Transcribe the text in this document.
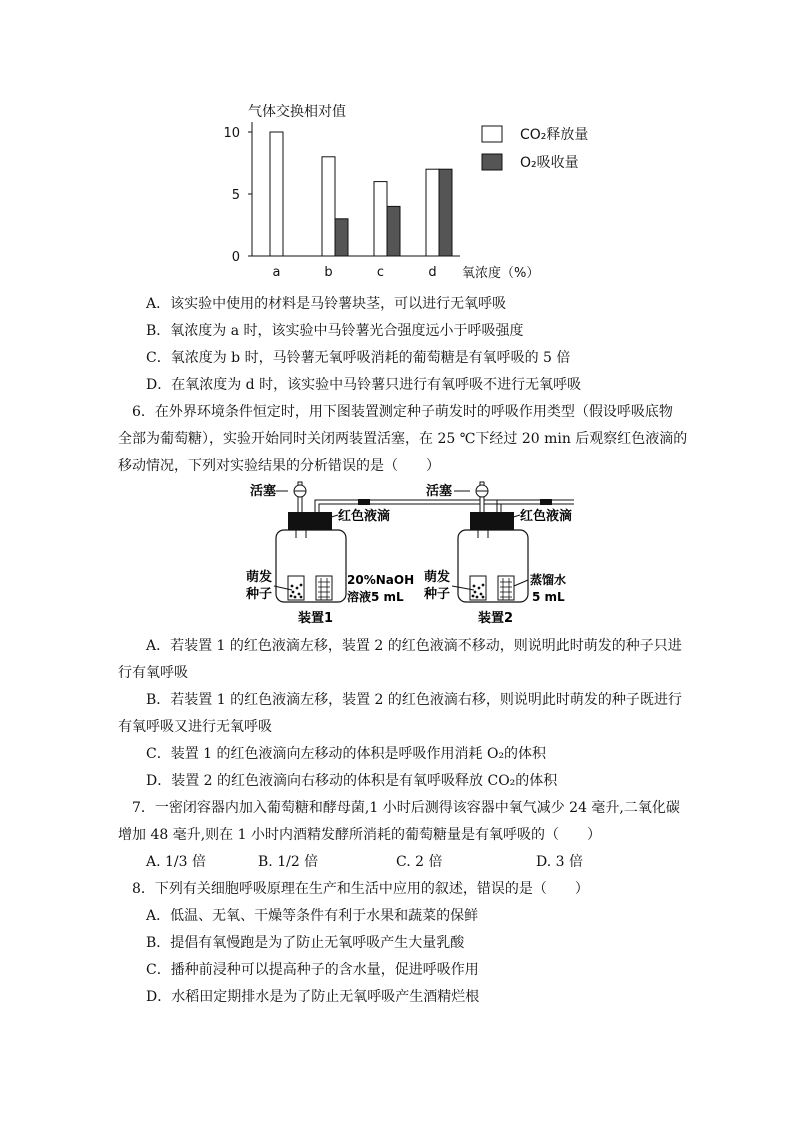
气体交换相对值
氧浓度（%）
0
5
10
a	b	c	d
CO₂释放量
O₂吸收量
A．该实验中使用的材料是马铃薯块茎，可以进行无氧呼吸
B．氧浓度为 a 时，该实验中马铃薯光合强度远小于呼吸强度
C．氧浓度为 b 时，马铃薯无氧呼吸消耗的葡萄糖是有氧呼吸的 5 倍
D．在氧浓度为 d 时，该实验中马铃薯只进行有氧呼吸不进行无氧呼吸
6．在外界环境条件恒定时，用下图装置测定种子萌发时的呼吸作用类型（假设呼吸底物
全部为葡萄糖），实验开始同时关闭两装置活塞，在 25 ℃下经过 20 min 后观察红色液滴的
移动情况，下列对实验结果的分析错误的是（　　）
活塞
红色液滴
萌发
种子
20%NaOH
溶液5 mL
装置1
活塞
红色液滴
萌发
种子
蒸馏水
5 mL
装置2
A．若装置 1 的红色液滴左移，装置 2 的红色液滴不移动，则说明此时萌发的种子只进
行有氧呼吸
B．若装置 1 的红色液滴左移，装置 2 的红色液滴右移，则说明此时萌发的种子既进行
有氧呼吸又进行无氧呼吸
C．装置 1 的红色液滴向左移动的体积是呼吸作用消耗 O₂的体积
D．装置 2 的红色液滴向右移动的体积是有氧呼吸释放 CO₂的体积
7．一密闭容器内加入葡萄糖和酵母菌,1 小时后测得该容器中氧气减少 24 毫升,二氧化碳
增加 48 毫升,则在 1 小时内酒精发酵所消耗的葡萄糖量是有氧呼吸的（　　）
A. 1/3 倍	B. 1/2 倍	C. 2 倍	D. 3 倍
8．下列有关细胞呼吸原理在生产和生活中应用的叙述，错误的是（　　）
A．低温、无氧、干燥等条件有利于水果和蔬菜的保鲜
B．提倡有氧慢跑是为了防止无氧呼吸产生大量乳酸
C．播种前浸种可以提高种子的含水量，促进呼吸作用
D．水稻田定期排水是为了防止无氧呼吸产生酒精烂根
